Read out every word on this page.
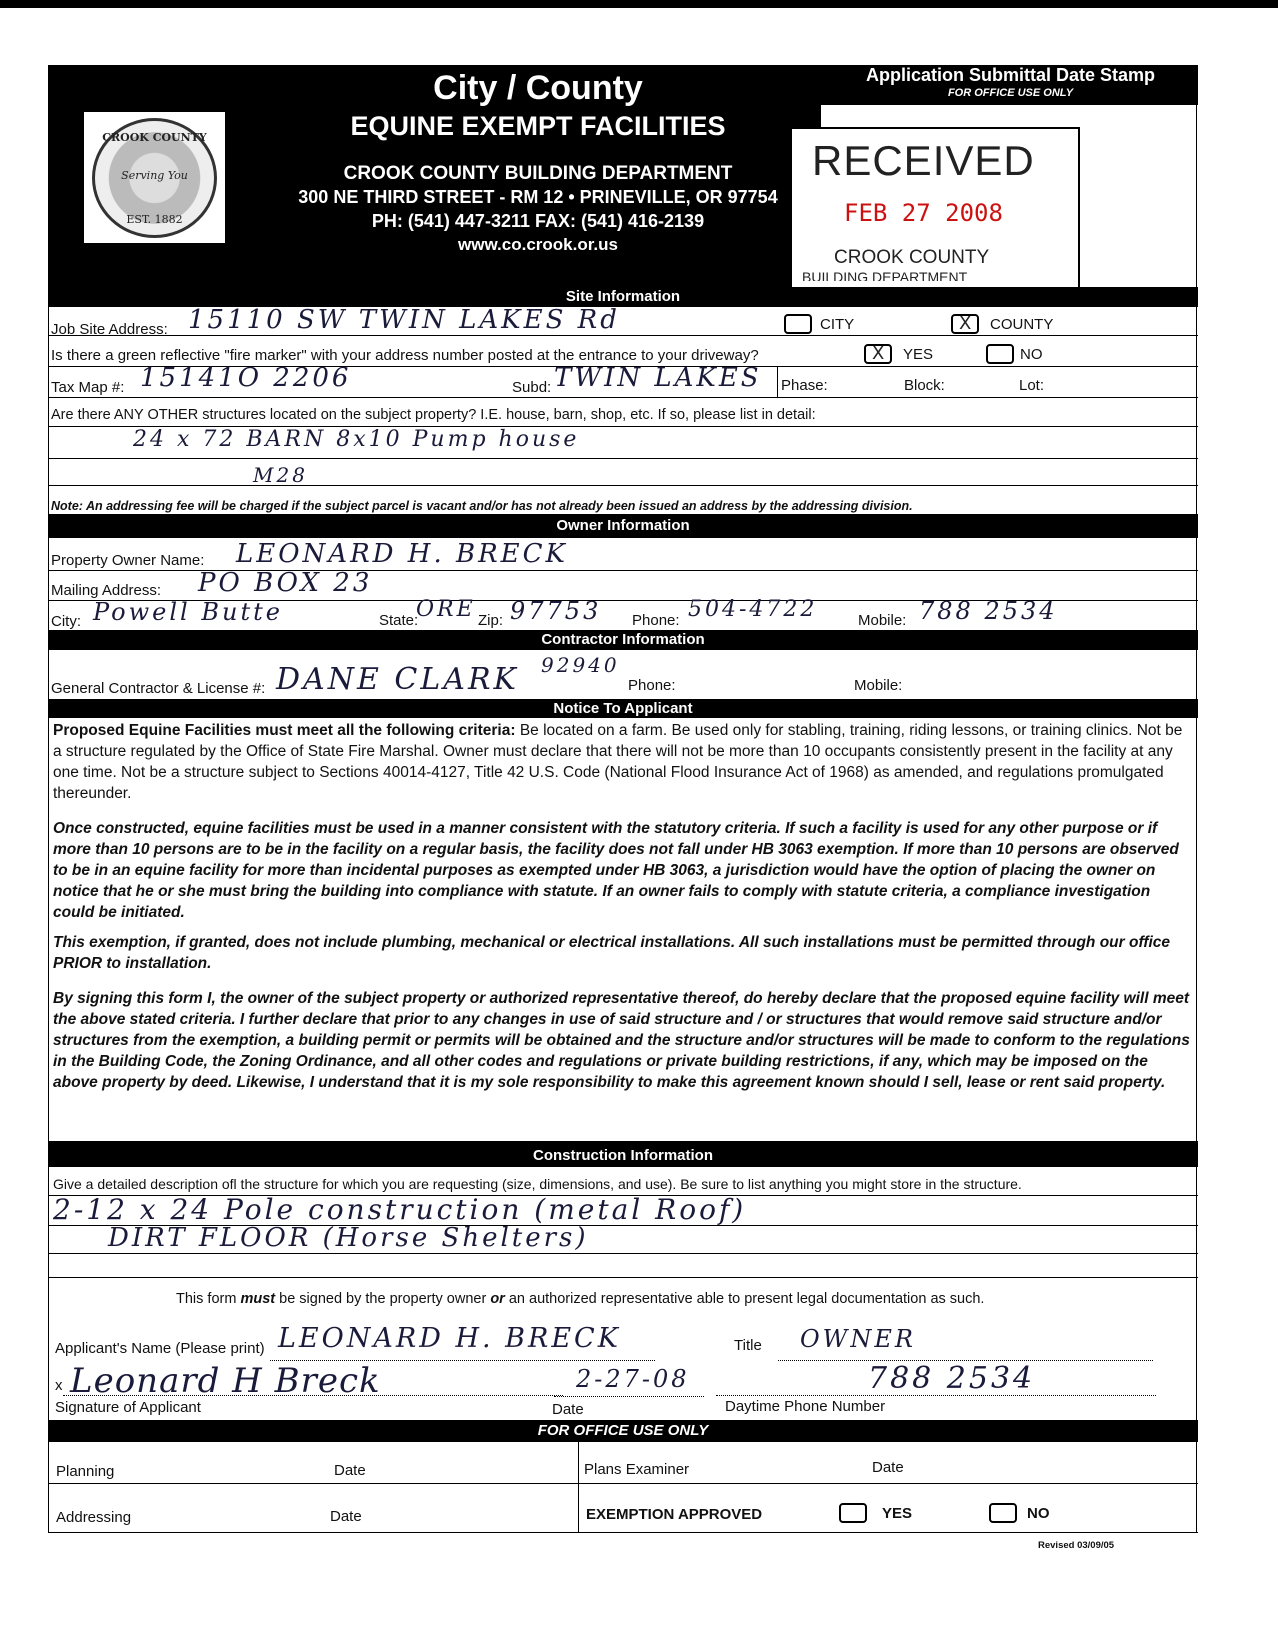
CROOK COUNTY
Serving You
EST. 1882
City / County
EQUINE EXEMPT FACILITIES
CROOK COUNTY BUILDING DEPARTMENT
300 NE THIRD STREET - RM 12 • PRINEVILLE, OR 97754
PH: (541) 447-3211 FAX: (541) 416-2139
www.co.crook.or.us
Application Submittal Date Stamp
FOR OFFICE USE ONLY
RECEIVED
FEB 27 2008
CROOK COUNTY
BUILDING DEPARTMENT
Site Information
Job Site Address: 15110 SW TWIN LAKES Rd	CITY X	COUNTY
Is there a green reflective "fire marker" with your address number posted at the entrance to your driveway? X	YES	NO
Tax Map #: 15141O 2206	Subd: TWIN LAKES Phase:	Block:	Lot:
Are there ANY OTHER structures located on the subject property? I.E. house, barn, shop, etc. If so, please list in detail:
24 x 72 BARN 8x10 Pump house
M28
Note: An addressing fee will be charged if the subject parcel is vacant and/or has not already been issued an address by the addressing division.
Owner Information
Property Owner Name: LEONARD H. BRECK
Mailing Address: PO BOX 23
City: Powell Butte	State:
ORE Zip: 97753 Phone: 504-4722	Mobile: 788 2534
Contractor Information
General Contractor & License #: DANE CLARK 92940
Phone:	Mobile:
Notice To Applicant
Proposed Equine Facilities must meet all the following criteria: Be located on a farm. Be used only for stabling, training, riding lessons, or training clinics. Not be a structure regulated by the Office of State Fire Marshal. Owner must declare that there will not be more than 10 occupants consistently present in the facility at any one time. Not be a structure subject to Sections 40014-4127, Title 42 U.S. Code (National Flood Insurance Act of 1968) as amended, and regulations promulgated thereunder.
Once constructed, equine facilities must be used in a manner consistent with the statutory criteria. If such a facility is used for any other purpose or if more than 10 persons are to be in the facility on a regular basis, the facility does not fall under HB 3063 exemption. If more than 10 persons are observed to be in an equine facility for more than incidental purposes as exempted under HB 3063, a jurisdiction would have the option of placing the owner on notice that he or she must bring the building into compliance with statute. If an owner fails to comply with statute criteria, a compliance investigation could be initiated.
This exemption, if granted, does not include plumbing, mechanical or electrical installations. All such installations must be permitted through our office PRIOR to installation.
By signing this form I, the owner of the subject property or authorized representative thereof, do hereby declare that the proposed equine facility will meet the above stated criteria. I further declare that prior to any changes in use of said structure and / or structures that would remove said structure and/or structures from the exemption, a building permit or permits will be obtained and the structure and/or structures will be made to conform to the regulations in the Building Code, the Zoning Ordinance, and all other codes and regulations or private building restrictions, if any, which may be imposed on the above property by deed. Likewise, I understand that it is my sole responsibility to make this agreement known should I sell, lease or rent said property.
Construction Information
Give a detailed description ofl the structure for which you are requesting (size, dimensions, and use). Be sure to list anything you might store in the structure.
2-12 x 24 Pole construction (metal Roof)
DIRT FLOOR (Horse Shelters)
This form must be signed by the property owner or an authorized representative able to present legal documentation as such.
Applicant's Name (Please print) LEONARD H. BRECK	Title OWNER
x Leonard H Breck
Signature of Applicant
2-27-08
Date
788 2534
Daytime Phone Number
FOR OFFICE USE ONLY
Planning	Date	Plans Examiner	Date
Addressing	Date	EXEMPTION APPROVED	YES	NO
Revised 03/09/05
